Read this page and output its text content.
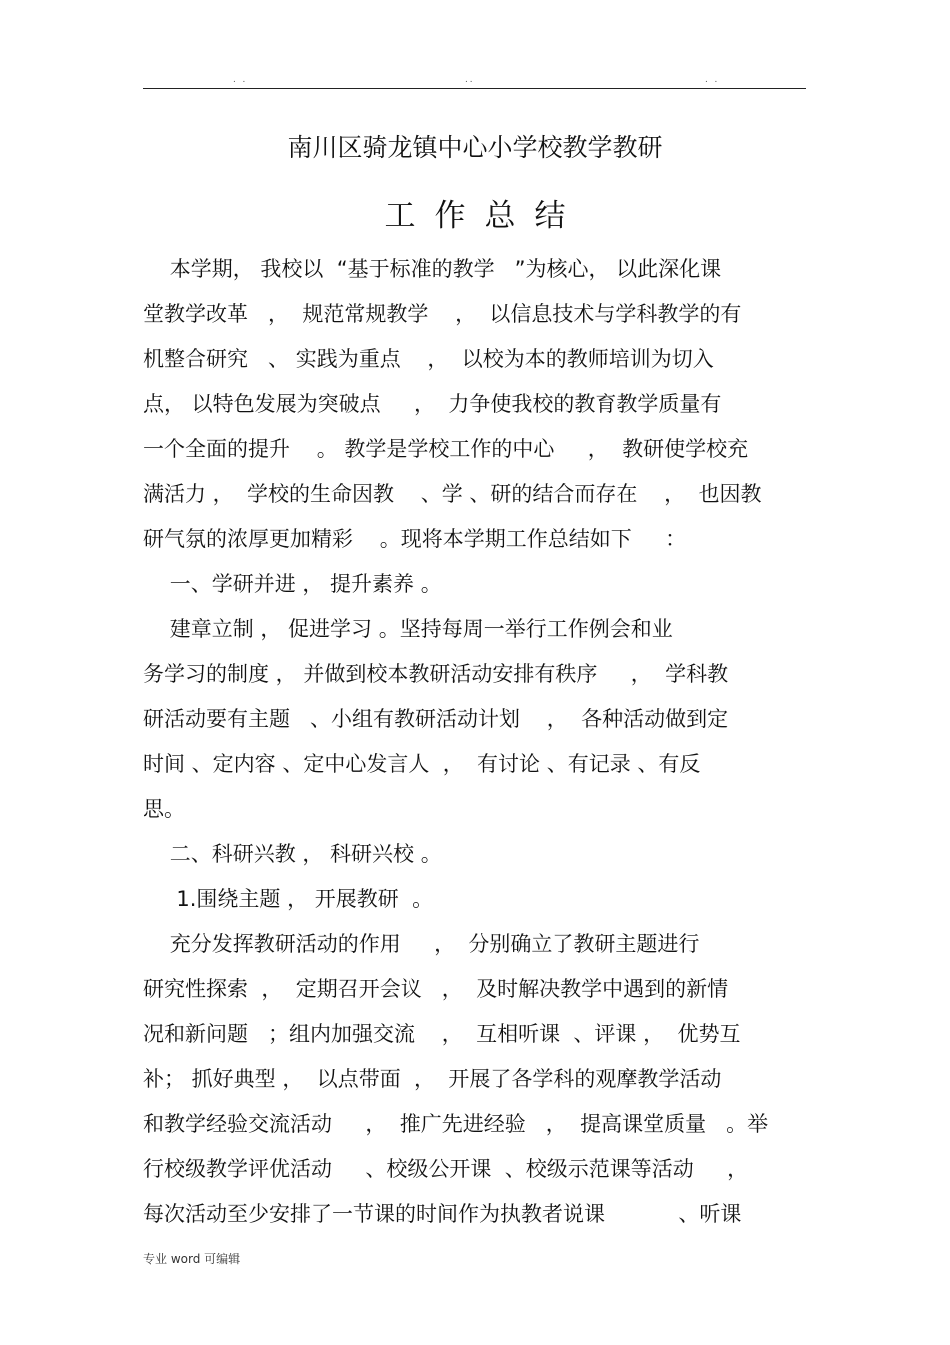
. .	..	. .
南川区骑龙镇中心小学校教学教研
工作总结
本学期， 我校以  “基于标准的教学   ”为核心， 以此深化课
堂教学改革   ，  规范常规教学    ，  以信息技术与学科教学的有
机整合研究   、 实践为重点    ，  以校为本的教师培训为切入
点， 以特色发展为突破点     ，  力争使我校的教育教学质量有
一个全面的提升    。 教学是学校工作的中心     ，  教研使学校充
满活力 ，  学校的生命因教    、学 、研的结合而存在    ，  也因教
研气氛的浓厚更加精彩    。现将本学期工作总结如下     ：
一、学研并进 ， 提升素养 。
建章立制 ， 促进学习 。坚持每周一举行工作例会和业
务学习的制度 ， 并做到校本教研活动安排有秩序     ，  学科教
研活动要有主题   、小组有教研活动计划    ，  各种活动做到定
时间 、定内容 、定中心发言人  ，  有讨论 、有记录 、有反
思。
二、科研兴教 ， 科研兴校 。
1.围绕主题 ， 开展教研  。
充分发挥教研活动的作用     ，  分别确立了教研主题进行
研究性探索  ，  定期召开会议   ，  及时解决教学中遇到的新情
况和新问题   ；组内加强交流    ，  互相听课  、评课 ，  优势互
补； 抓好典型 ，  以点带面  ，  开展了各学科的观摩教学活动
和教学经验交流活动     ，  推广先进经验   ，  提高课堂质量   。举
行校级教学评优活动     、校级公开课  、校级示范课等活动     ，
每次活动至少安排了一节课的时间作为执教者说课           、听课
专业 word 可编辑
